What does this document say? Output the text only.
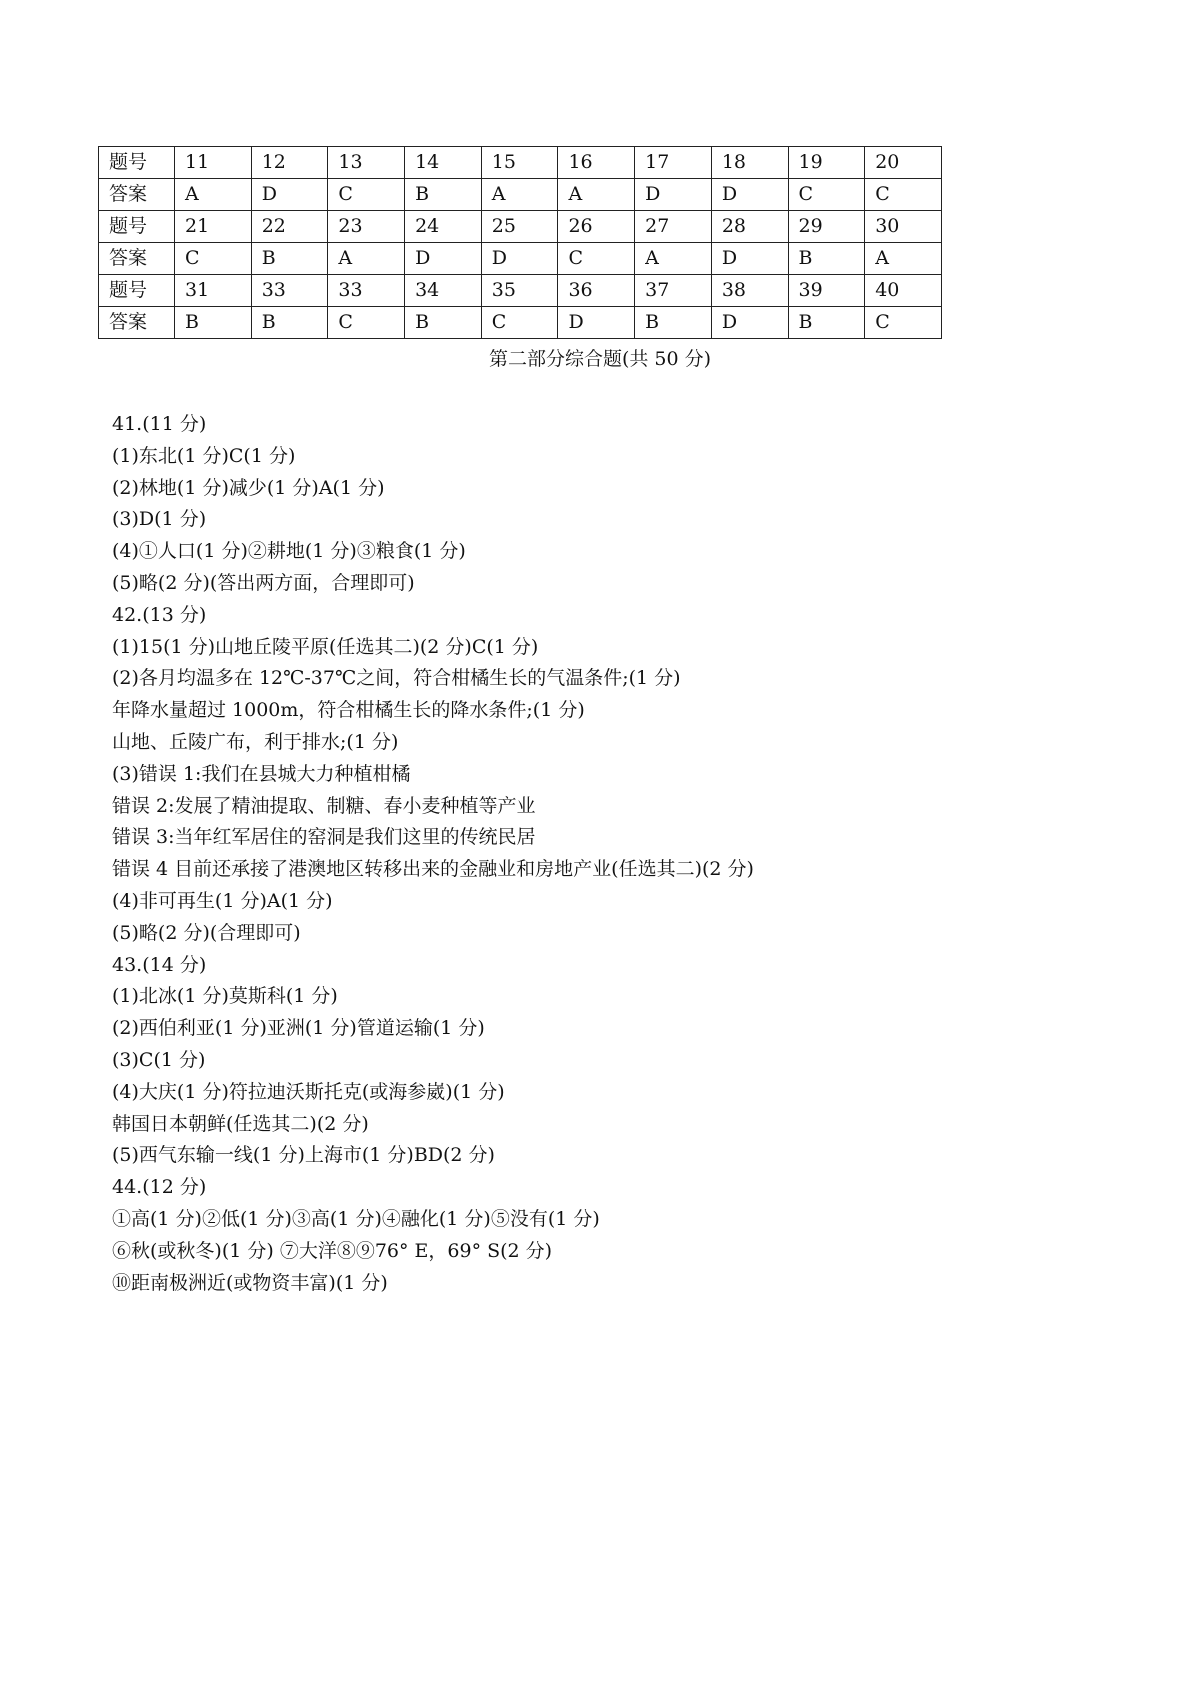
题号	11	12	13	14	15	16	17	18	19	20
答案	A	D	C	B	A	A	D	D	C	C
题号	21	22	23	24	25	26	27	28	29	30
答案	C	B	A	D	D	C	A	D	B	A
题号	31	33	33	34	35	36	37	38	39	40
答案	B	B	C	B	C	D	B	D	B	C
第二部分综合题(共 50 分)
41.(11 分)
(1)东北(1 分)C(1 分)
(2)林地(1 分)减少(1 分)A(1 分)
(3)D(1 分)
(4)①人口(1 分)②耕地(1 分)③粮食(1 分)
(5)略(2 分)(答出两方面，合理即可)
42.(13 分)
(1)15(1 分)山地丘陵平原(任选其二)(2 分)C(1 分)
(2)各月均温多在 12℃-37℃之间，符合柑橘生长的气温条件;(1 分)
年降水量超过 1000m，符合柑橘生长的降水条件;(1 分)
山地、丘陵广布，利于排水;(1 分)
(3)错误 1:我们在县城大力种植柑橘
错误 2:发展了精油提取、制糖、春小麦种植等产业
错误 3:当年红军居住的窑洞是我们这里的传统民居
错误 4 目前还承接了港澳地区转移出来的金融业和房地产业(任选其二)(2 分)
(4)非可再生(1 分)A(1 分)
(5)略(2 分)(合理即可)
43.(14 分)
(1)北冰(1 分)莫斯科(1 分)
(2)西伯利亚(1 分)亚洲(1 分)管道运输(1 分)
(3)C(1 分)
(4)大庆(1 分)符拉迪沃斯托克(或海参崴)(1 分)
韩国日本朝鲜(任选其二)(2 分)
(5)西气东输一线(1 分)上海市(1 分)BD(2 分)
44.(12 分)
①高(1 分)②低(1 分)③高(1 分)④融化(1 分)⑤没有(1 分)
⑥秋(或秋冬)(1 分) ⑦大洋⑧⑨76° E，69° S(2 分)
⑩距南极洲近(或物资丰富)(1 分)
